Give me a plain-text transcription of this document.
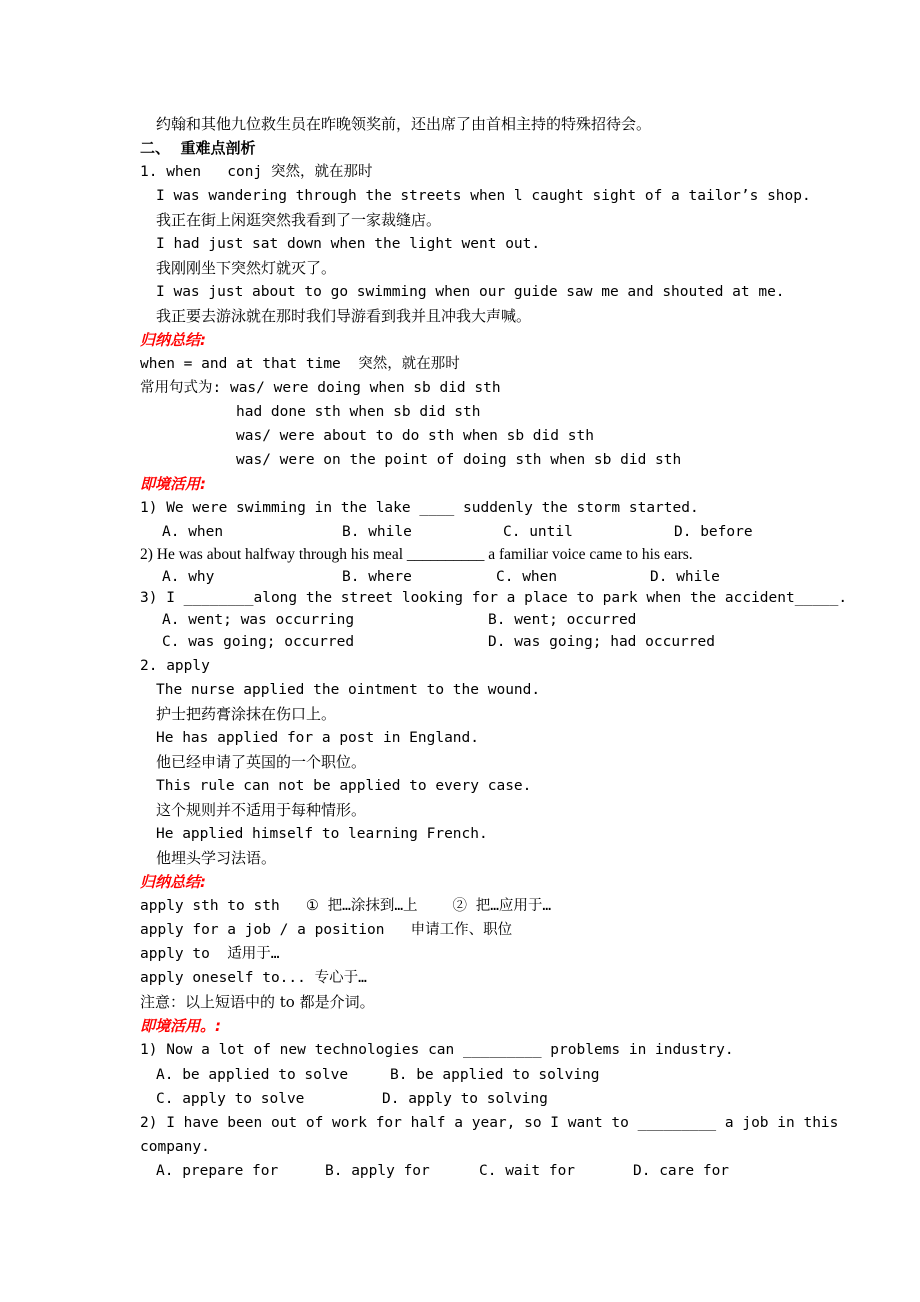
约翰和其他九位救生员在昨晚领奖前，还出席了由首相主持的特殊招待会。
二、  重难点剖析
1. when   conj 突然，就在那时
I was wandering through the streets when l caught sight of a tailor’s shop.
我正在街上闲逛突然我看到了一家裁缝店。
I had just sat down when the light went out.
我刚刚坐下突然灯就灭了。
I was just about to go swimming when our guide saw me and shouted at me.
我正要去游泳就在那时我们导游看到我并且冲我大声喊。
归纳总结:
when = and at that time  突然，就在那时
常用句式为: was/ were doing when sb did sth
had done sth when sb did sth
was/ were about to do sth when sb did sth
was/ were on the point of doing sth when sb did sth
即境活用:
1) We were swimming in the lake ____ suddenly the storm started.
A. when	B. while	C. until	D. before
2) He was about halfway through his meal __________ a familiar voice came to his ears.
A. why	B. where	C. when	D. while
3) I ________along the street looking for a place to park when the accident_____.
A. went; was occurring	B. went; occurred
C. was going; occurred	D. was going; had occurred
2. apply
The nurse applied the ointment to the wound.
护士把药膏涂抹在伤口上。
He has applied for a post in England.
他已经申请了英国的一个职位。
This rule can not be applied to every case.
这个规则并不适用于每种情形。
He applied himself to learning French.
他埋头学习法语。
归纳总结:
apply sth to sth   ① 把…涂抹到…上    ② 把…应用于…
apply for a job / a position   申请工作、职位
apply to  适用于…
apply oneself to... 专心于…
注意：以上短语中的 to 都是介词。
即境活用。:
1) Now a lot of new technologies can _________ problems in industry.
A. be applied to solve	B. be applied to solving
C. apply to solve	D. apply to solving
2) I have been out of work for half a year, so I want to _________ a job in this
company.
A. prepare for	B. apply for	C. wait for	D. care for
